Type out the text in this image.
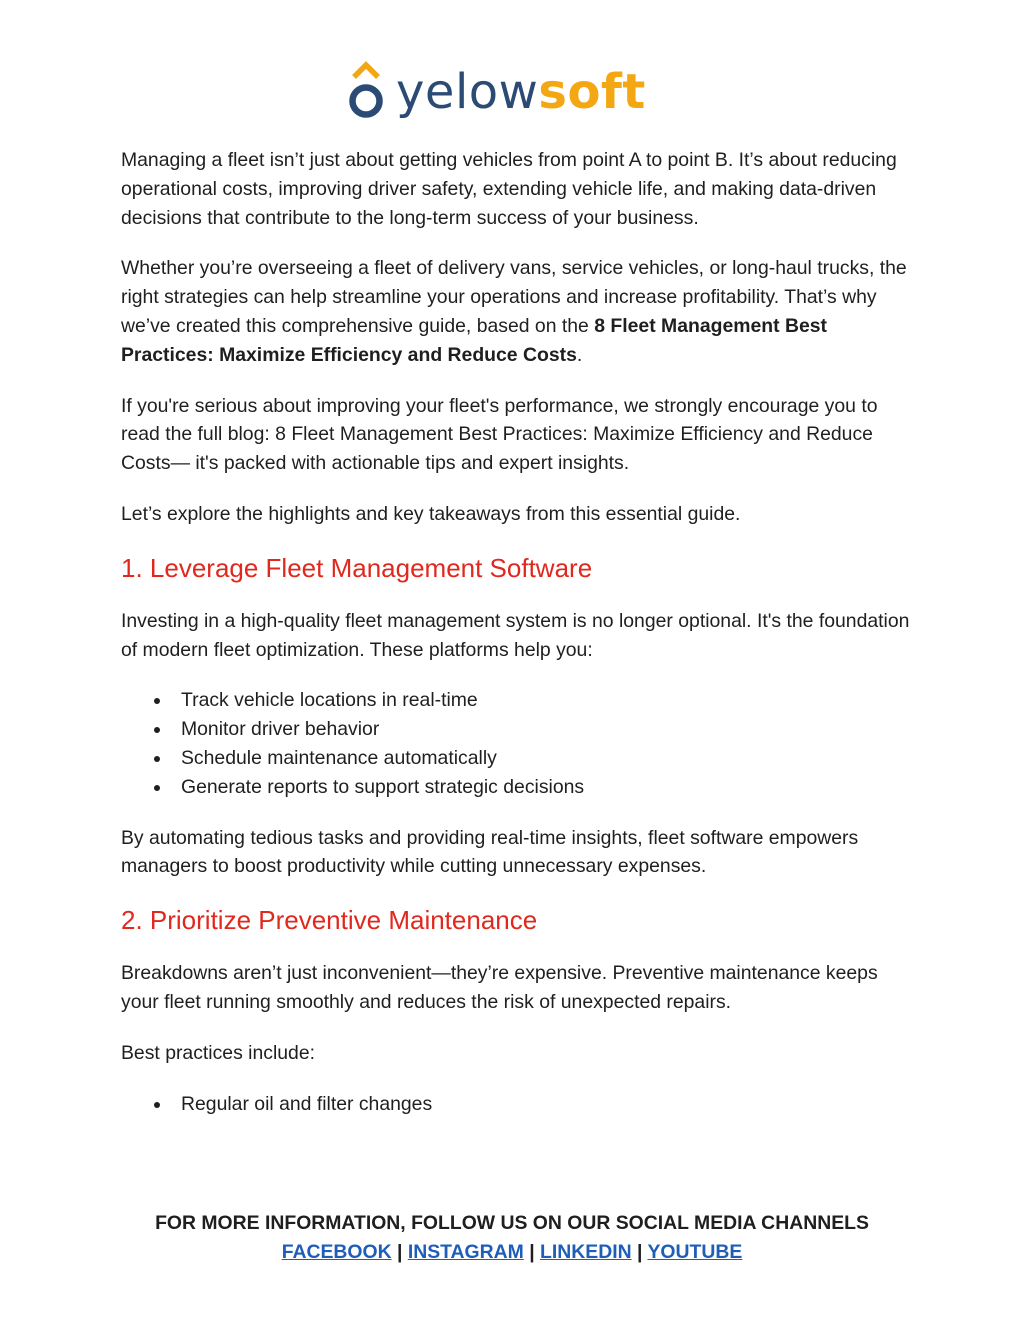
yelowsoft

Managing a fleet isn’t just about getting vehicles from point A to point B. It’s about reducing operational costs, improving driver safety, extending vehicle life, and making data-driven decisions that contribute to the long-term success of your business.

Whether you’re overseeing a fleet of delivery vans, service vehicles, or long-haul trucks, the right strategies can help streamline your operations and increase profitability. That’s why we’ve created this comprehensive guide, based on the 8 Fleet Management Best Practices: Maximize Efficiency and Reduce Costs.

If you're serious about improving your fleet's performance, we strongly encourage you to read the full blog: 8 Fleet Management Best Practices: Maximize Efficiency and Reduce Costs— it's packed with actionable tips and expert insights.

Let’s explore the highlights and key takeaways from this essential guide.

1. Leverage Fleet Management Software

Investing in a high-quality fleet management system is no longer optional. It's the foundation of modern fleet optimization. These platforms help you:

Track vehicle locations in real-time
Monitor driver behavior
Schedule maintenance automatically
Generate reports to support strategic decisions

By automating tedious tasks and providing real-time insights, fleet software empowers managers to boost productivity while cutting unnecessary expenses.

2. Prioritize Preventive Maintenance

Breakdowns aren’t just inconvenient—they’re expensive. Preventive maintenance keeps your fleet running smoothly and reduces the risk of unexpected repairs.

Best practices include:

Regular oil and filter changes
FOR MORE INFORMATION, FOLLOW US ON OUR SOCIAL MEDIA CHANNELS
FACEBOOK | INSTAGRAM | LINKEDIN | YOUTUBE
